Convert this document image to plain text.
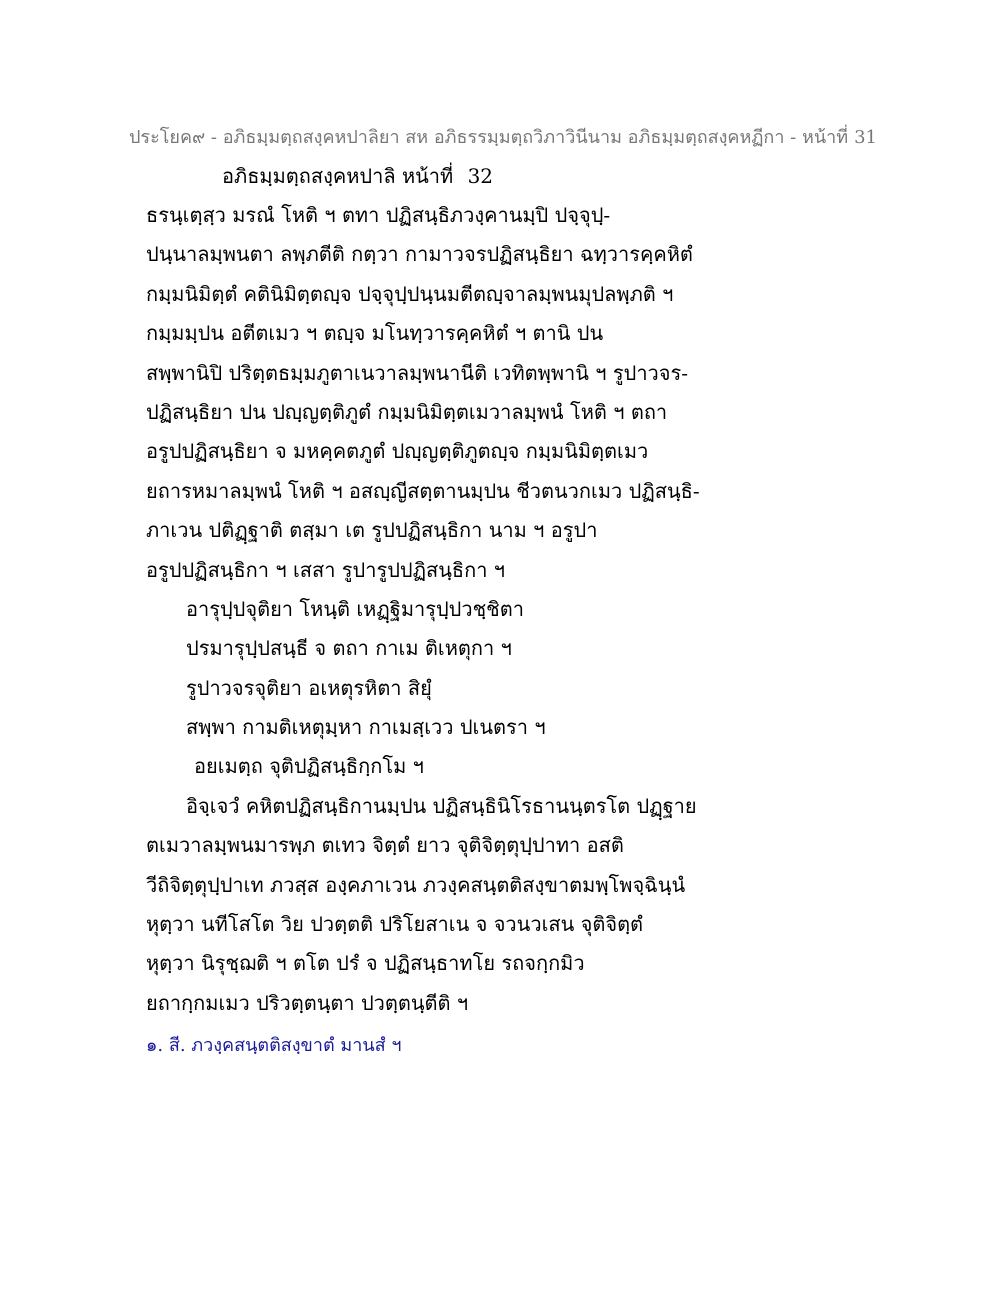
ประโยค๙ - อภิธมฺมตฺถสงฺคหปาลิยา สห อภิธรรมฺมตฺถวิภาวินีนาม อภิธมฺมตฺถสงฺคหฏีกา - หน้าที่ 31
อภิธมฺมตฺถสงฺคหปาลิ หน้าที่ 32
ธรนฺเตฺสฺว มรณํ โหติ ฯ ตทา ปฏิสนฺธิภวงฺคานมฺปิ ปจฺจุปฺ-
ปนฺนาลมฺพนตา ลพฺภตีติ กตฺวา กามาวจรปฏิสนฺธิยา ฉทฺวารคฺคหิตํ
กมฺมนิมิตฺตํ คตินิมิตฺตญฺจ ปจฺจุปฺปนฺนมตีตญฺจาลมฺพนมุปลพฺภติ ฯ
กมฺมมฺปน อตีตเมว ฯ ตญฺจ มโนทฺวารคฺคหิตํ ฯ ตานิ ปน
สพฺพานิปิ ปริตฺตธมฺมภูตาเนวาลมฺพนานีติ เวทิตพฺพานิ ฯ รูปาวจร-
ปฏิสนฺธิยา ปน ปญฺญตฺติภูตํ กมฺมนิมิตฺตเมวาลมฺพนํ โหติ ฯ ตถา
อรูปปฏิสนฺธิยา จ มหคฺคตภูตํ ปญฺญตฺติภูตญฺจ กมฺมนิมิตฺตเมว
ยถารหมาลมฺพนํ โหติ ฯ อสญฺญีสตฺตานมฺปน ชีวตนวกเมว ปฏิสนฺธิ-
ภาเวน ปติฏฺฐาติ ตสฺมา เต รูปปฏิสนฺธิกา นาม ฯ อรูปา
อรูปปฏิสนฺธิกา ฯ เสสา รูปารูปปฏิสนฺธิกา ฯ
อารุปฺปจุติยา โหนฺติ เหฏฺฐิมารุปฺปวชฺชิตา
ปรมารุปฺปสนฺธี จ ตถา กาเม ติเหตุกา ฯ
รูปาวจรจุติยา อเหตุรหิตา สิยุํ
สพฺพา กามติเหตุมฺหา กาเมสฺเวว ปเนตรา ฯ
อยเมตฺถ จุติปฏิสนฺธิกฺกโม ฯ
อิจฺเจวํ คหิตปฏิสนฺธิกานมฺปน ปฏิสนฺธินิโรธานนฺตรโต ปฏฺฐาย
ตเมวาลมฺพนมารพฺภ ตเทว จิตฺตํ ยาว จุติจิตฺตุปฺปาทา อสติ
วีถิจิตฺตุปฺปาเท ภวสฺส องฺคภาเวน ภวงฺคสนฺตติสงฺขาตมพฺโพจฺฉินฺนํ
หุตฺวา นทีโสโต วิย ปวตฺตติ ปริโยสาเน จ จวนวเสน จุติจิตฺตํ
หุตฺวา นิรุชฺฌติ ฯ ตโต ปรํ จ ปฏิสนฺธาทโย รถจกฺกมิว
ยถากฺกมเมว ปริวตฺตนฺตา ปวตฺตนฺตีติ ฯ
๑. สี. ภวงฺคสนฺตติสงฺขาตํ มานสํ ฯ
